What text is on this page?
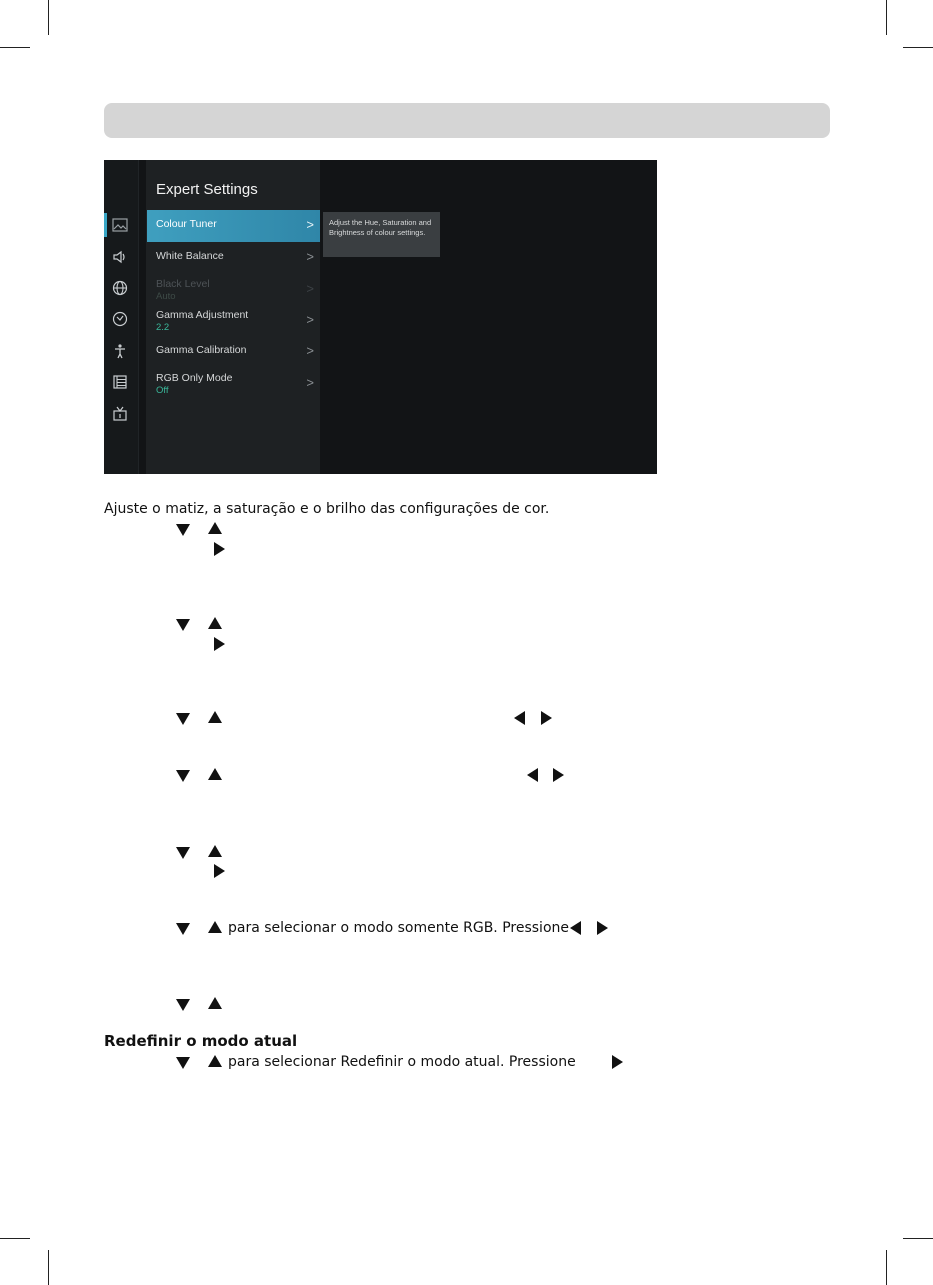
Expert Settings
Colour Tuner	>
White Balance	>
Black Level
Auto
>
Gamma Adjustment
2.2
>
Gamma Calibration	>
RGB Only Mode
Off
>
Adjust the Hue, Saturation and Brightness of colour settings.
Ajuste o matiz, a saturação e o brilho das configurações de cor.
para selecionar o modo somente RGB. Pressione
Redefinir o modo atual
para selecionar Redefinir o modo atual. Pressione
